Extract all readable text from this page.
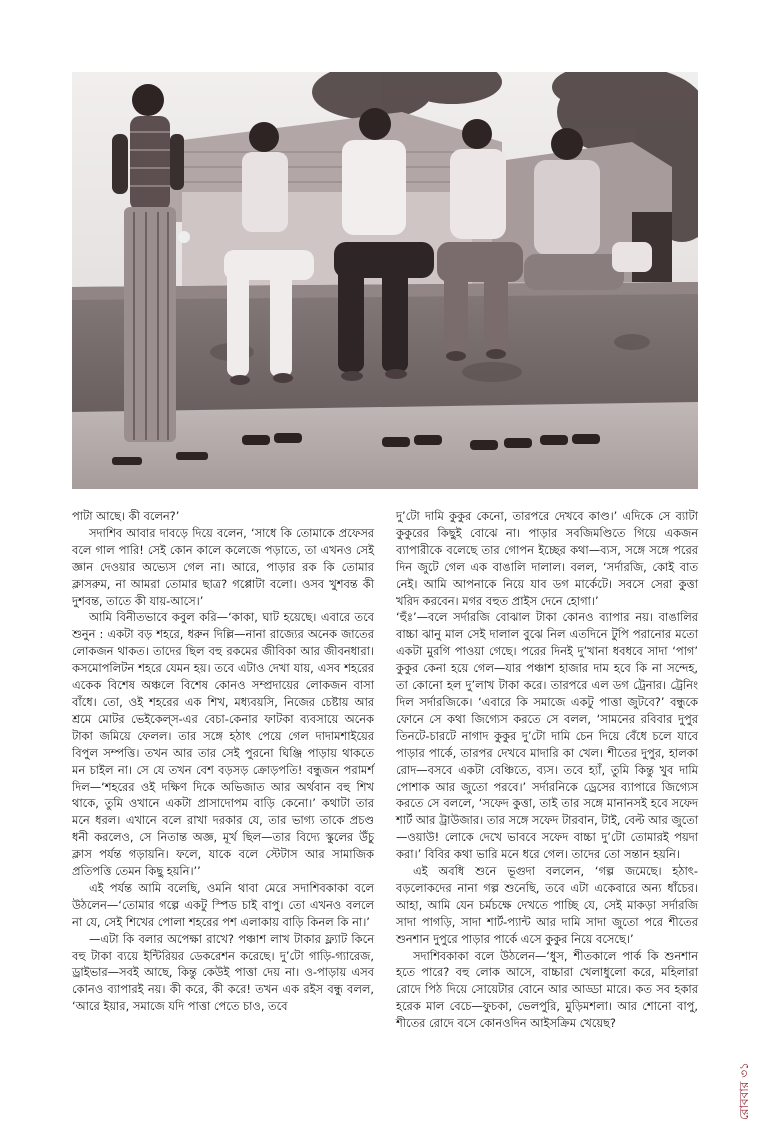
পাটা আছে। কী বলেন?’

সদাশিব আবার দাবড়ে দিয়ে বলেন, ‘সাধে কি তোমাকে প্রফেসর বলে গাল পারি! সেই কোন কালে কলেজে পড়াতে, তা এখনও সেই জ্ঞান দেওয়ার অভ্যেস গেল না। আরে, পাড়ার রক কি তোমার ক্লাসরুম, না আমরা তোমার ছাত্র? গপ্পোটা বলো। ওসব খুশবন্ত কী দুশবন্ত, তাতে কী যায়-আসে।’

আমি বিনীতভাবে কবুল করি—‘কাকা, ঘাট হয়েছে। এবারে তবে শুনুন : একটা বড় শহরে, ধরুন দিল্লি—নানা রাজ্যের অনেক জাতের লোকজন থাকত। তাদের ছিল বহু রকমের জীবিকা আর জীবনধারা। কসমোপলিটন শহরে যেমন হয়। তবে এটাও দেখা যায়, এসব শহরের একেক বিশেষ অঞ্চলে বিশেষ কোনও সম্প্রদায়ের লোকজন বাসা বাঁধে। তো, ওই শহরের এক শিখ, মধ্যবয়সি, নিজের চেষ্টায় আর শ্রমে মোটর ভেইকেল্‌স-এর বেচা-কেনার ফাটকা ব্যবসায়ে অনেক টাকা জমিয়ে ফেলল। তার সঙ্গে হঠাৎ পেয়ে গেল দাদামশাইয়ের বিপুল সম্পত্তি। তখন আর তার সেই পুরনো ঘিঞ্জি পাড়ায় থাকতে মন চাইল না। সে যে তখন বেশ বড়সড় ক্রোড়পতি! বন্ধুজন পরামর্শ দিল—‘শহরের ওই দক্ষিণ দিকে অভিজাত আর অর্থবান বহু শিখ থাকে, তুমি ওখানে একটা প্রাসাদোপম বাড়ি কেনো।’ কথাটা তার মনে ধরল। এখানে বলে রাখা দরকার যে, তার ভাগ্য তাকে প্রচণ্ড ধনী করলেও, সে নিতান্ত অজ্ঞ, মূর্খ ছিল—তার বিদ্যে স্কুলের উঁচু ক্লাস পর্যন্ত গড়ায়নি। ফলে, যাকে বলে স্টেটাস আর সামাজিক প্রতিপত্তি তেমন কিছু হয়নি।’’

এই পর্যন্ত আমি বলেছি, ওমনি থাবা মেরে সদাশিবকাকা বলে উঠলেন—‘তোমার গল্পে একটু স্পিড চাই বাপু। তো এখনও বললে না যে, সেই শিখের পোলা শহরের পশ এলাকায় বাড়ি কিনল কি না।’

—এটা কি বলার অপেক্ষা রাখে? পঞ্চাশ লাখ টাকার ফ্ল্যাট কিনে বহু টাকা ব্যয়ে ইন্টিরিয়র ডেকরেশন করেছে। দু’টো গাড়ি-গ্যারেজ, ড্রাইভার—সবই আছে, কিন্তু কেউই পাত্তা দেয় না। ও-পাড়ায় এসব কোনও ব্যাপারই নয়। কী করে, কী করে! তখন এক রইস বন্ধু বলল, ‘আরে ইয়ার, সমাজে যদি পাত্তা পেতে চাও, তবে

দু’টো দামি কুকুর কেনো, তারপরে দেখবে কাণ্ড।’ এদিকে সে ব্যাটা কুকুরের কিছুই বোঝে না। পাড়ার সবজিমণ্ডিতে গিয়ে একজন ব্যাপারীকে বলেছে তার গোপন ইচ্ছের কথা—ব্যস, সঙ্গে সঙ্গে পরের দিন জুটে গেল এক বাঙালি দালাল। বলল, ‘সর্দারজি, কোই বাত নেই। আমি আপনাকে নিয়ে যাব ডগ মার্কেটে। সবসে সেরা কুত্তা খরিদ করবেন। মগর বহুত প্রাইস দেনে হোগা।’

‘হুঁঃ’—বলে সর্দারজি বোঝাল টাকা কোনও ব্যাপার নয়। বাঙালির বাচ্চা ঝানু মাল সেই দালাল বুঝে নিল এতদিনে টুপি পরানোর মতো একটা মুরগি পাওয়া গেছে। পরের দিনই দু’খানা ধবধবে সাদা ‘পাগ’ কুকুর কেনা হয়ে গেল—যার পঞ্চাশ হাজার দাম হবে কি না সন্দেহ, তা কোনো হল দু’লাখ টাকা করে। তারপরে এল ডগ ট্রেনার। ট্রেনিং দিল সর্দারজিকে। ‘এবারে কি সমাজে একটু পাত্তা জুটবে?’ বন্ধুকে ফোনে সে কথা জিগ্যেস করতে সে বলল, ‘সামনের রবিবার দুপুর তিনটে-চারটে নাগাদ কুকুর দু’টো দামি চেন দিয়ে বেঁধে চলে যাবে পাড়ার পার্কে, তারপর দেখবে মাদারি কা খেল। শীতের দুপুর, হালকা রোদ—বসবে একটা বেঞ্চিতে, ব্যস। তবে হ্যাঁ, তুমি কিন্তু খুব দামি পোশাক আর জুতো পরবে।’ সর্দারনিকে ড্রেসের ব্যাপারে জিগ্যেস করতে সে বললে, ‘সফেদ কুত্তা, তাই তার সঙ্গে মানানসই হবে সফেদ শার্ট আর ট্রাউজার। তার সঙ্গে সফেদ টারবান, টাই, বেল্ট আর জুতো—ওয়াউ! লোকে দেখে ভাববে সফেদ বাচ্চা দু’টো তোমারই পয়দা করা।’ বিবির কথা ভারি মনে ধরে গেল। তাদের তো সন্তান হয়নি।

এই অবধি শুনে ভূগুদা বললেন, ‘গল্প জমেছে। হঠাৎ-বড়লোকদের নানা গল্প শুনেছি, তবে এটা একেবারে অন্য ধাঁচের। আহা, আমি যেন চর্মচক্ষে দেখতে পাচ্ছি যে, সেই মাকড়া সর্দারজি সাদা পাগড়ি, সাদা শার্ট-প্যান্ট আর দামি সাদা জুতো পরে শীতের শুনশান দুপুরে পাড়ার পার্কে এসে কুকুর নিয়ে বসেছে।’

সদাশিবকাকা বলে উঠলেন—‘ধুস, শীতকালে পার্ক কি শুনশান হতে পারে? বহু লোক আসে, বাচ্চারা খেলাধুলো করে, মহিলারা রোদে পিঠ দিয়ে সোয়েটার বোনে আর আড্ডা মারে। কত সব হকার হরেক মাল বেচে—ফুচকা, ভেলপুরি, মুড়িমশলা। আর শোনো বাপু, শীতের রোদে বসে কোনওদিন আইসক্রিম খেয়েছ?

রোববার ৩১
